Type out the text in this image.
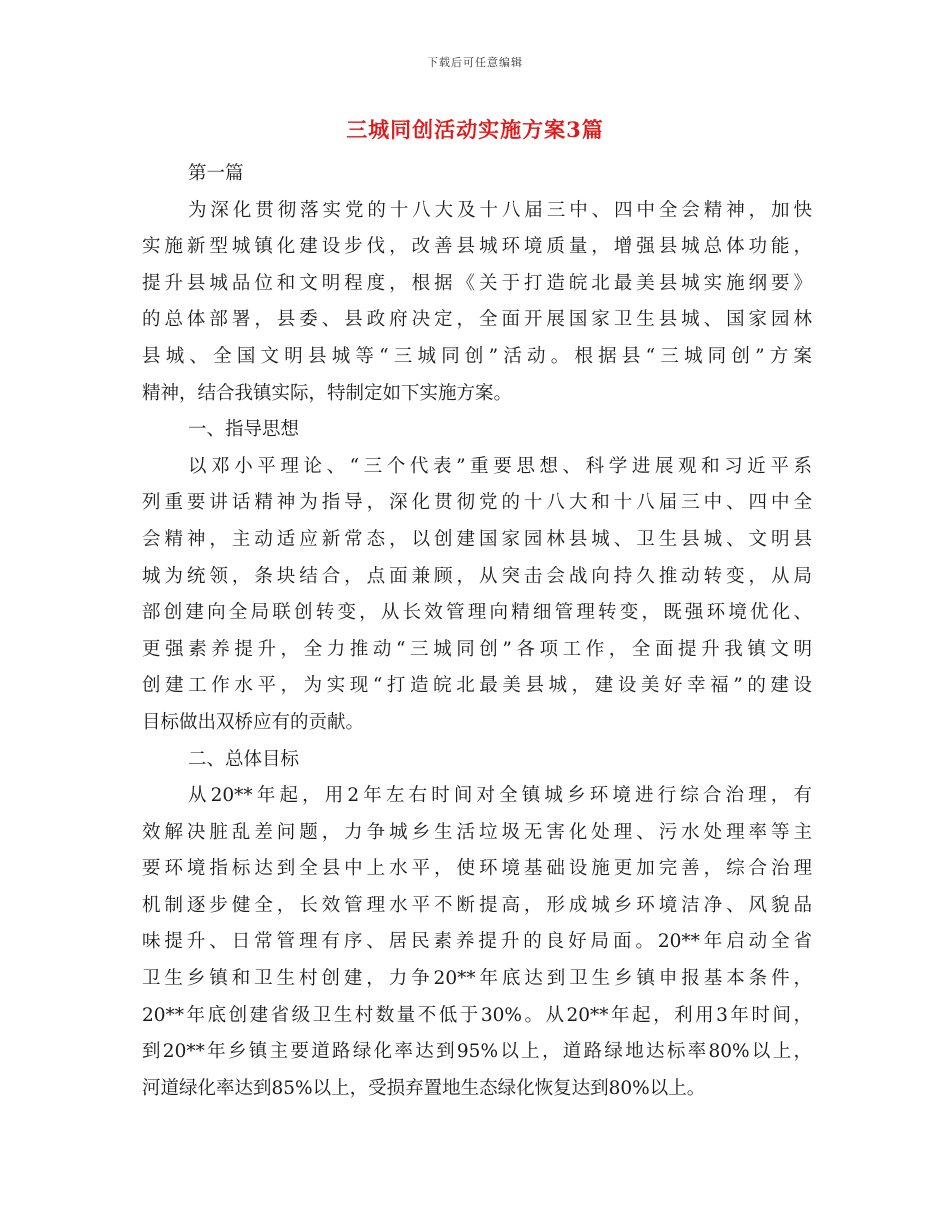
下载后可任意编辑
三城同创活动实施方案3篇
第一篇
为深化贯彻落实党的十八大及十八届三中、四中全会精神，加快
实施新型城镇化建设步伐，改善县城环境质量，增强县城总体功能，
提升县城品位和文明程度，根据《关于打造皖北最美县城实施纲要》
的总体部署，县委、县政府决定，全面开展国家卫生县城、国家园林
县城、全国文明县城等“三城同创”活动。根据县“三城同创”方案
精神，结合我镇实际，特制定如下实施方案。
一、指导思想
以邓小平理论、“三个代表”重要思想、科学进展观和习近平系
列重要讲话精神为指导，深化贯彻党的十八大和十八届三中、四中全
会精神，主动适应新常态，以创建国家园林县城、卫生县城、文明县
城为统领，条块结合，点面兼顾，从突击会战向持久推动转变，从局
部创建向全局联创转变，从长效管理向精细管理转变，既强环境优化、
更强素养提升，全力推动“三城同创”各项工作，全面提升我镇文明
创建工作水平，为实现“打造皖北最美县城，建设美好幸福”的建设
目标做出双桥应有的贡献。
二、总体目标
从20**年起，用2年左右时间对全镇城乡环境进行综合治理，有
效解决脏乱差问题，力争城乡生活垃圾无害化处理、污水处理率等主
要环境指标达到全县中上水平，使环境基础设施更加完善，综合治理
机制逐步健全，长效管理水平不断提高，形成城乡环境洁净、风貌品
味提升、日常管理有序、居民素养提升的良好局面。20**年启动全省
卫生乡镇和卫生村创建，力争20**年底达到卫生乡镇申报基本条件，
20**年底创建省级卫生村数量不低于30%。从20**年起，利用3年时间，
到20**年乡镇主要道路绿化率达到95%以上，道路绿地达标率80%以上，
河道绿化率达到85%以上，受损弃置地生态绿化恢复达到80%以上。
